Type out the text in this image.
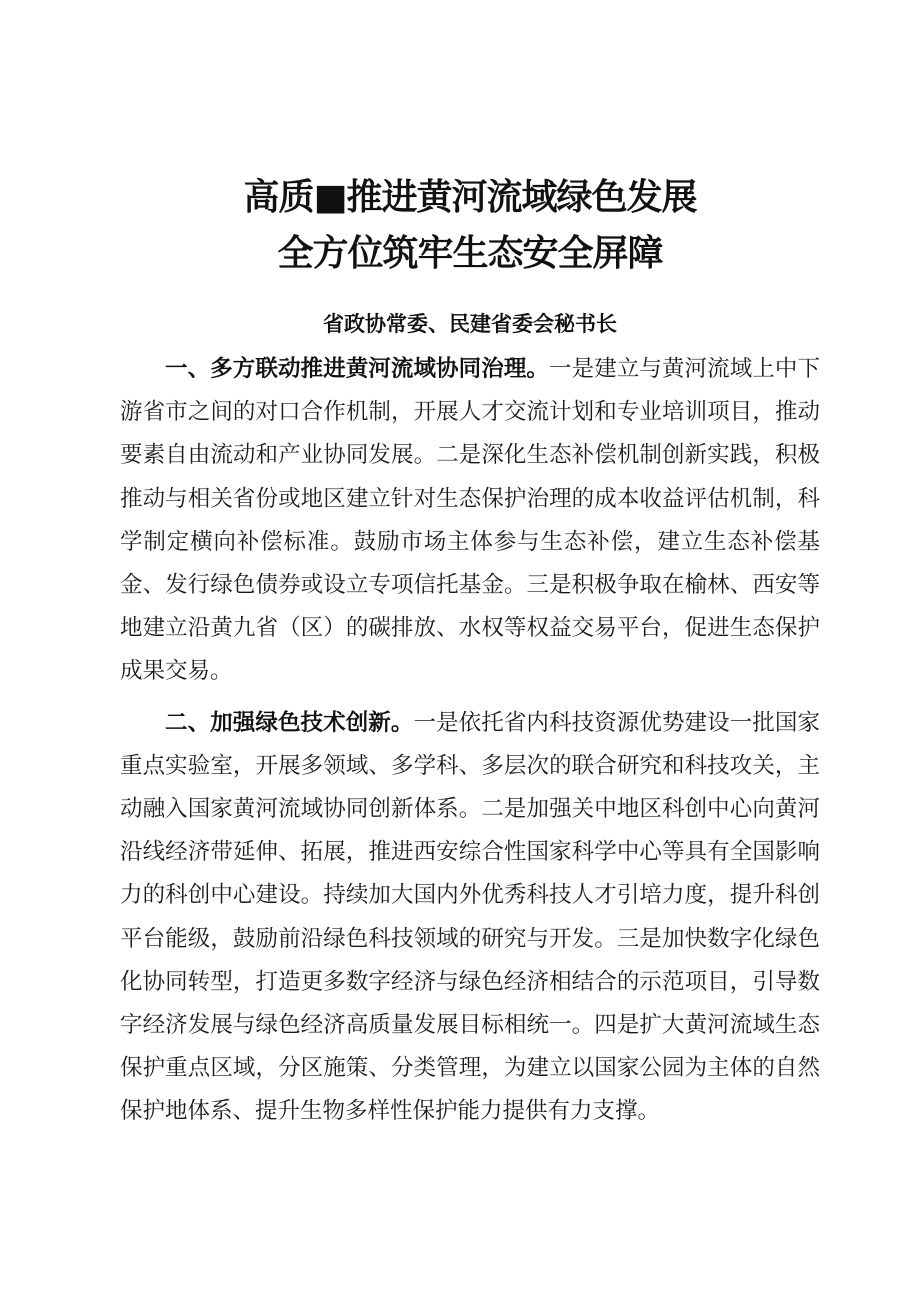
高质■推进黄河流域绿色发展
全方位筑牢生态安全屏障
省政协常委、民建省委会秘书长

一、多方联动推进黄河流域协同治理。一是建立与黄河流域上中下游省市之间的对口合作机制，开展人才交流计划和专业培训项目，推动要素自由流动和产业协同发展。二是深化生态补偿机制创新实践，积极推动与相关省份或地区建立针对生态保护治理的成本收益评估机制，科学制定横向补偿标准。鼓励市场主体参与生态补偿，建立生态补偿基金、发行绿色债券或设立专项信托基金。三是积极争取在榆林、西安等地建立沿黄九省（区）的碳排放、水权等权益交易平台，促进生态保护成果交易。

二、加强绿色技术创新。一是依托省内科技资源优势建设一批国家重点实验室，开展多领域、多学科、多层次的联合研究和科技攻关，主动融入国家黄河流域协同创新体系。二是加强关中地区科创中心向黄河沿线经济带延伸、拓展，推进西安综合性国家科学中心等具有全国影响力的科创中心建设。持续加大国内外优秀科技人才引培力度，提升科创平台能级，鼓励前沿绿色科技领域的研究与开发。三是加快数字化绿色化协同转型，打造更多数字经济与绿色经济相结合的示范项目，引导数字经济发展与绿色经济高质量发展目标相统一。四是扩大黄河流域生态保护重点区域，分区施策、分类管理，为建立以国家公园为主体的自然保护地体系、提升生物多样性保护能力提供有力支撑。
